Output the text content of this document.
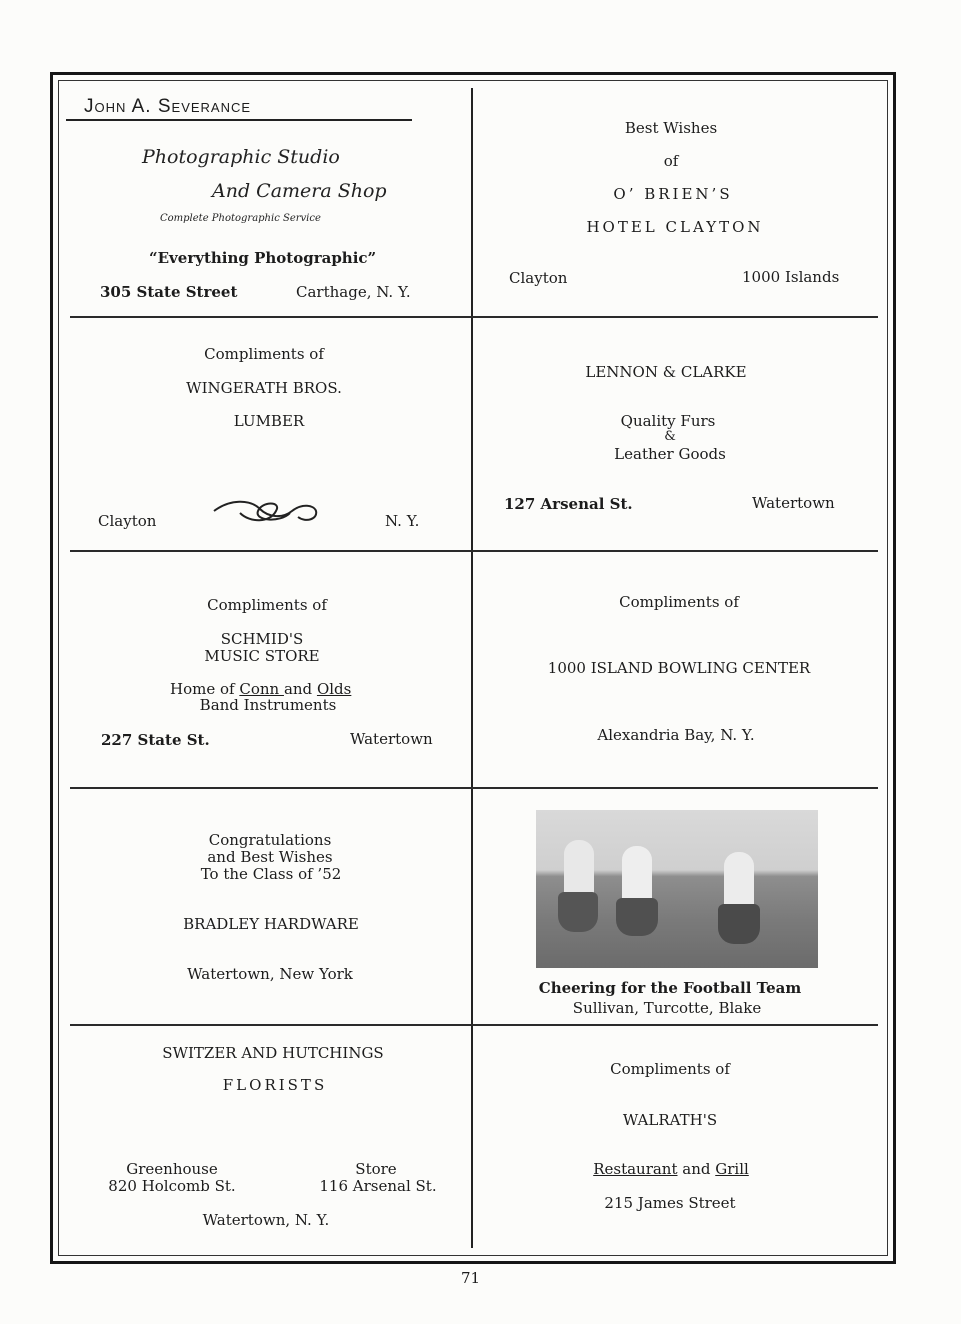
John A. Severance
Photographic Studio
And Camera Shop
Complete Photographic Service
“Everything Photographic”
305 State Street	Carthage, N. Y.
Best Wishes
of
O’ BRIEN’S
HOTEL CLAYTON
Clayton	1000 Islands
Compliments of
WINGERATH BROS.
LUMBER
Clayton	N. Y.
LENNON & CLARKE
Quality Furs
&
Leather Goods
127 Arsenal St.	Watertown
Compliments of
SCHMID'S
MUSIC STORE
Home of Conn and Olds
Band Instruments
227 State St.	Watertown
Compliments of
1000 ISLAND BOWLING CENTER
Alexandria Bay, N. Y.
Congratulations
and Best Wishes
To the Class of ’52
BRADLEY HARDWARE
Watertown, New York
Cheering for the Football Team
Sullivan, Turcotte, Blake
SWITZER AND HUTCHINGS
FLORISTS
Greenhouse
820 Holcomb St.
Store
116 Arsenal St.
Watertown, N. Y.
Compliments of
WALRATH'S
Restaurant and Grill
215 James Street
71
